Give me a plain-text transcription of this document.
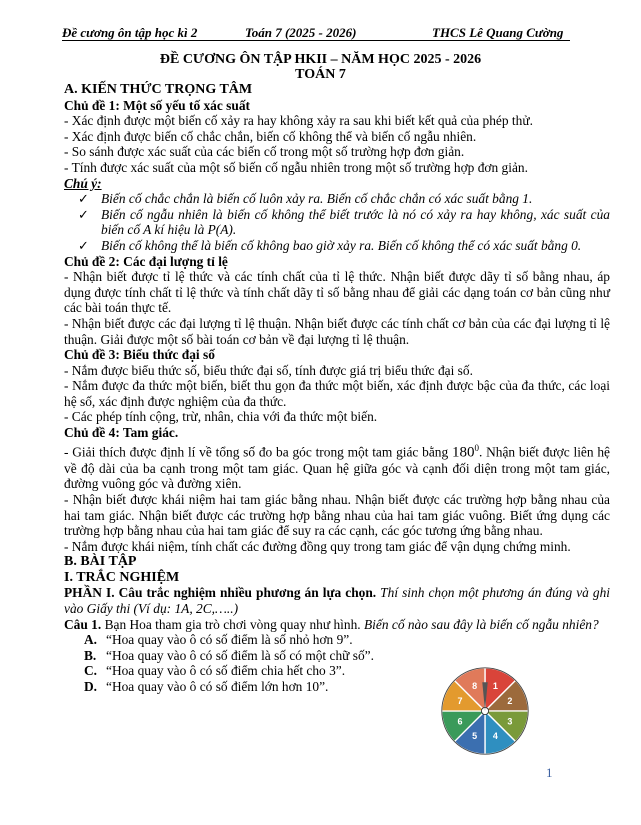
Đề cương ôn tập học kì 2	Toán 7 (2025 - 2026)	THCS Lê Quang Cường
ĐỀ CƯƠNG ÔN TẬP HKII – NĂM HỌC 2025 - 2026
TOÁN 7

A. KIẾN THỨC TRỌNG TÂM

Chủ đề 1: Một số yếu tố xác suất

- Xác định được một biến cố xảy ra hay không xảy ra sau khi biết kết quả của phép thử.

- Xác định được biến cố chắc chắn, biến cố không thể và biến cố ngẫu nhiên.

- So sánh được xác suất của các biến cố trong một số trường hợp đơn giản.

- Tính được xác suất của một số biến cố ngẫu nhiên trong một số trường hợp đơn giản.

Chú ý:

✓ Biến cố chắc chắn là biến cố luôn xảy ra. Biến cố chắc chắn có xác suất bằng 1.
✓ Biến cố ngẫu nhiên là biến cố không thể biết trước là nó có xảy ra hay không, xác suất của biến cố A kí hiệu là P(A).
✓ Biến cố không thể là biến cố không bao giờ xảy ra. Biến cố không thể có xác suất bằng 0.

Chủ đề 2: Các đại lượng tỉ lệ

- Nhận biết được tỉ lệ thức và các tính chất của tỉ lệ thức. Nhận biết được dãy tỉ số bằng nhau, áp dụng được tính chất tỉ lệ thức và tính chất dãy tỉ số bằng nhau để giải các dạng toán cơ bản cũng như các bài toán thực tế.

- Nhận biết được các đại lượng tỉ lệ thuận. Nhận biết được các tính chất cơ bản của các đại lượng tỉ lệ thuận. Giải được một số bài toán cơ bản về đại lượng tỉ lệ thuận.

Chủ đề 3: Biểu thức đại số

- Nắm được biểu thức số, biểu thức đại số, tính được giá trị biểu thức đại số.

- Nắm được đa thức một biến, biết thu gọn đa thức một biến, xác định được bậc của đa thức, các loại hệ số, xác định được nghiệm của đa thức.

- Các phép tính cộng, trừ, nhân, chia với đa thức một biến.

Chủ đề 4: Tam giác.

- Giải thích được định lí về tổng số đo ba góc trong một tam giác bằng $180^0$. Nhận biết được liên hệ về độ dài của ba cạnh trong một tam giác. Quan hệ giữa góc và cạnh đối diện trong một tam giác, đường vuông góc và đường xiên.

- Nhận biết được khái niệm hai tam giác bằng nhau. Nhận biết được các trường hợp bằng nhau của hai tam giác. Nhận biết được các trường hợp bằng nhau của hai tam giác vuông. Biết ứng dụng các trường hợp bằng nhau của hai tam giác để suy ra các cạnh, các góc tương ứng bằng nhau.

- Nắm được khái niệm, tính chất các đường đồng quy trong tam giác để vận dụng chứng minh.

B. BÀI TẬP

I. TRẮC NGHIỆM

PHẦN I. Câu trắc nghiệm nhiều phương án lựa chọn. Thí sinh chọn một phương án đúng và ghi vào Giấy thi (Ví dụ: 1A, 2C,…..)

Câu 1. Bạn Hoa tham gia trò chơi vòng quay như hình. Biến cố nào sau đây là biến cố ngẫu nhiên?

A. “Hoa quay vào ô có số điểm là số nhỏ hơn 9”.

B. “Hoa quay vào ô có số điểm là số có một chữ số”.

C. “Hoa quay vào ô có số điểm chia hết cho 3”.

D. “Hoa quay vào ô có số điểm lớn hơn 10”.	1
2
3
4
5
6
7
8
1
